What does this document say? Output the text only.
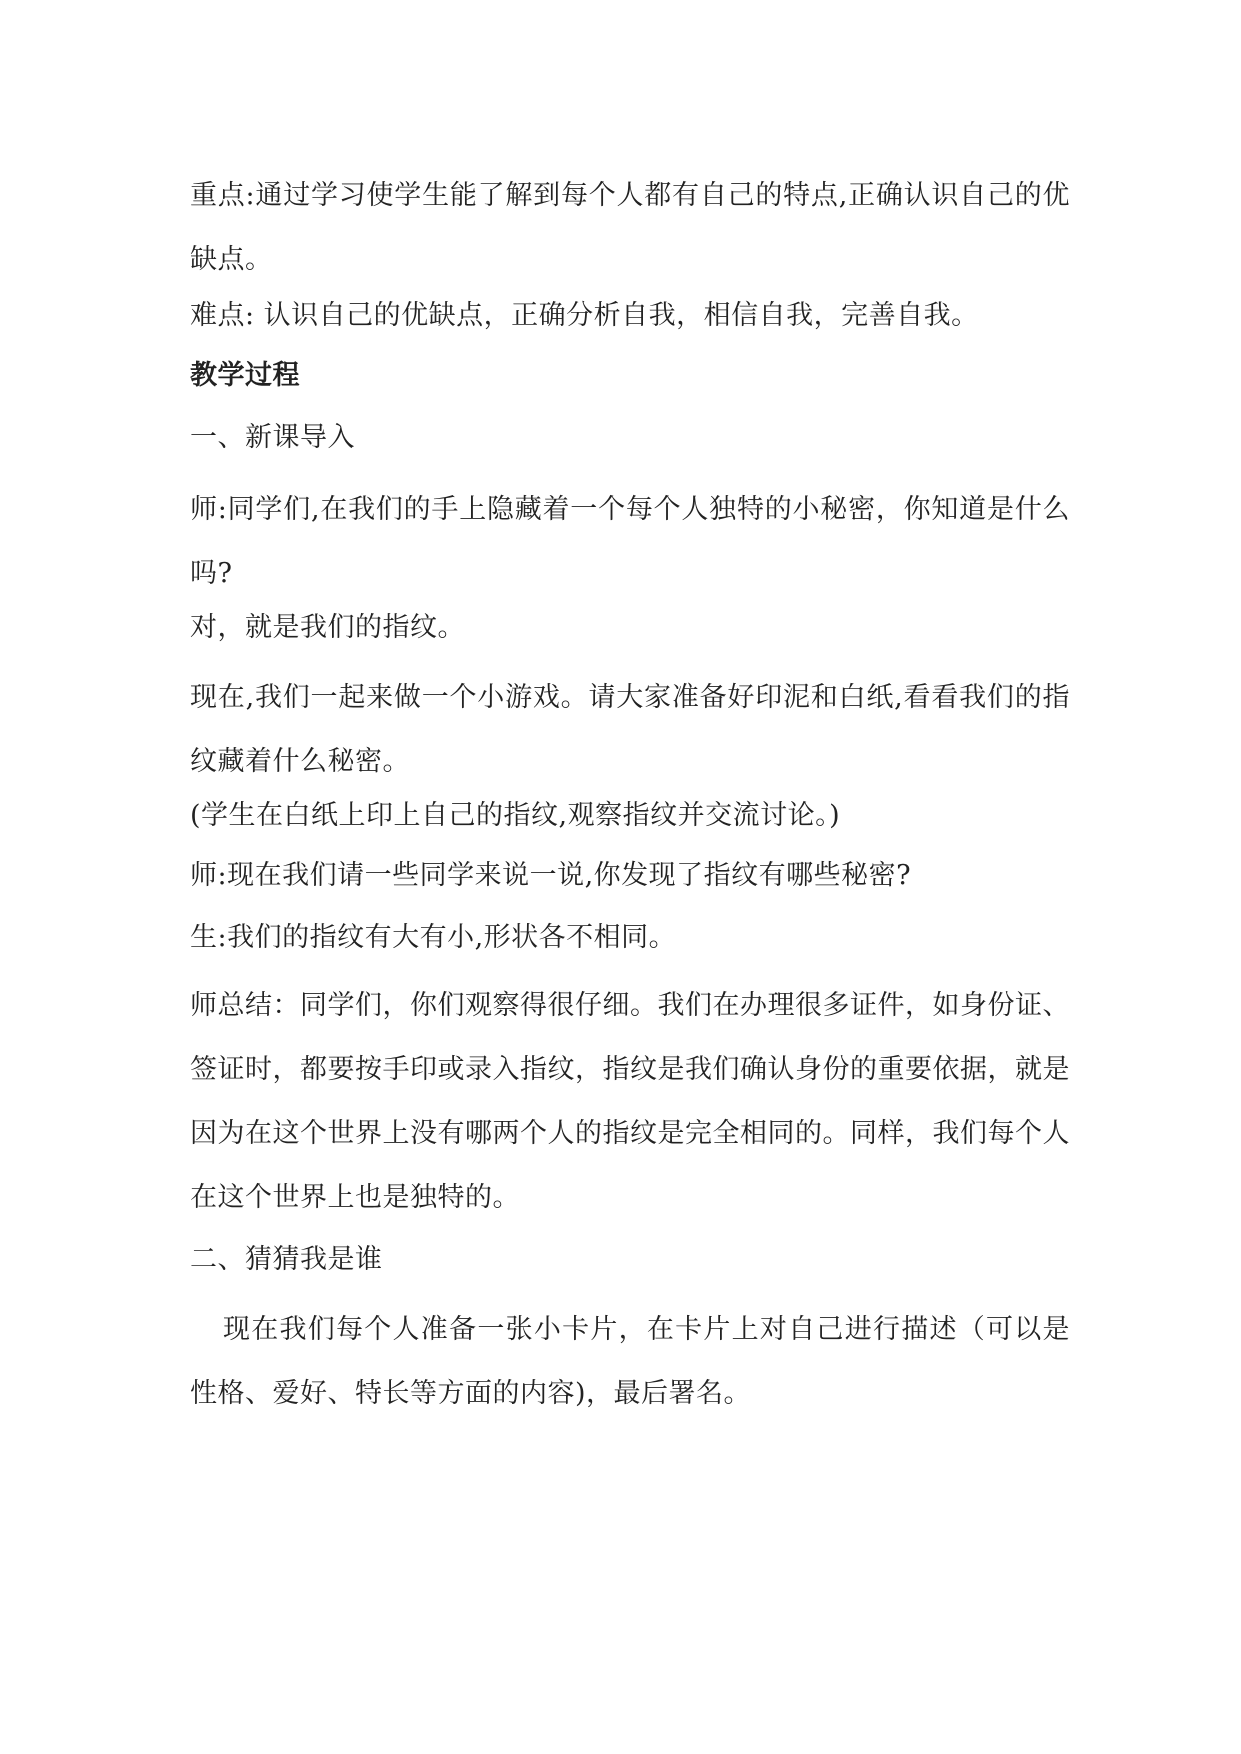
重点:通过学习使学生能了解到每个人都有自己的特点,正确认识自己的优缺点。
难点: 认识自己的优缺点，正确分析自我，相信自我，完善自我。
教学过程
一、新课导入
师:同学们,在我们的手上隐藏着一个每个人独特的小秘密，你知道是什么吗?
对，就是我们的指纹。
现在,我们一起来做一个小游戏。请大家准备好印泥和白纸,看看我们的指纹藏着什么秘密。
(学生在白纸上印上自己的指纹,观察指纹并交流讨论。)
师:现在我们请一些同学来说一说,你发现了指纹有哪些秘密?
生:我们的指纹有大有小,形状各不相同。
师总结：同学们，你们观察得很仔细。我们在办理很多证件，如身份证、签证时，都要按手印或录入指纹，指纹是我们确认身份的重要依据，就是因为在这个世界上没有哪两个人的指纹是完全相同的。同样，我们每个人在这个世界上也是独特的。
二、猜猜我是谁
现在我们每个人准备一张小卡片，在卡片上对自己进行描述（可以是性格、爱好、特长等方面的内容)，最后署名。
